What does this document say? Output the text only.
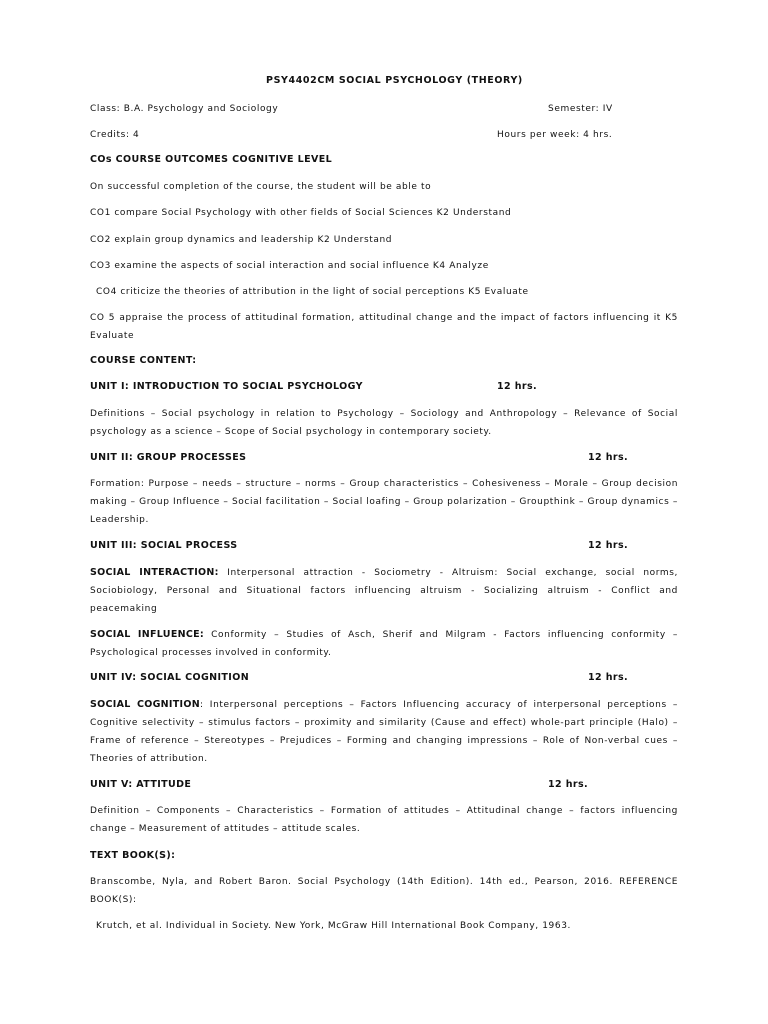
PSY4402CM SOCIAL PSYCHOLOGY (THEORY)
Class: B.A. Psychology and Sociology	Semester: IV
Credits: 4	Hours per week: 4 hrs.
COs COURSE OUTCOMES COGNITIVE LEVEL
On successful completion of the course, the student will be able to
CO1 compare Social Psychology with other fields of Social Sciences K2 Understand
CO2 explain group dynamics and leadership K2 Understand
CO3 examine the aspects of social interaction and social influence K4 Analyze
CO4 criticize the theories of attribution in the light of social perceptions K5 Evaluate
CO 5 appraise the process of attitudinal formation, attitudinal change and the impact of factors influencing it K5 Evaluate
COURSE CONTENT:
UNIT I: INTRODUCTION TO SOCIAL PSYCHOLOGY	12 hrs.
Definitions – Social psychology in relation to Psychology – Sociology and Anthropology – Relevance of Social psychology as a science – Scope of Social psychology in contemporary society.
UNIT II: GROUP PROCESSES	12 hrs.
Formation: Purpose – needs – structure – norms – Group characteristics – Cohesiveness – Morale – Group decision making – Group Influence – Social facilitation – Social loafing – Group polarization – Groupthink – Group dynamics – Leadership.
UNIT III: SOCIAL PROCESS	12 hrs.
SOCIAL INTERACTION: Interpersonal attraction - Sociometry - Altruism: Social exchange, social norms, Sociobiology, Personal and Situational factors influencing altruism - Socializing altruism - Conflict and peacemaking
SOCIAL INFLUENCE: Conformity – Studies of Asch, Sherif and Milgram - Factors influencing conformity – Psychological processes involved in conformity.
UNIT IV: SOCIAL COGNITION	12 hrs.
SOCIAL COGNITION: Interpersonal perceptions – Factors Influencing accuracy of interpersonal perceptions – Cognitive selectivity – stimulus factors – proximity and similarity (Cause and effect) whole-part principle (Halo) – Frame of reference – Stereotypes – Prejudices – Forming and changing impressions – Role of Non-verbal cues – Theories of attribution.
UNIT V: ATTITUDE	12 hrs.
Definition – Components – Characteristics – Formation of attitudes – Attitudinal change – factors influencing change – Measurement of attitudes – attitude scales.
TEXT BOOK(S):
Branscombe, Nyla, and Robert Baron. Social Psychology (14th Edition). 14th ed., Pearson, 2016. REFERENCE BOOK(S):
Krutch, et al. Individual in Society. New York, McGraw Hill International Book Company, 1963.
